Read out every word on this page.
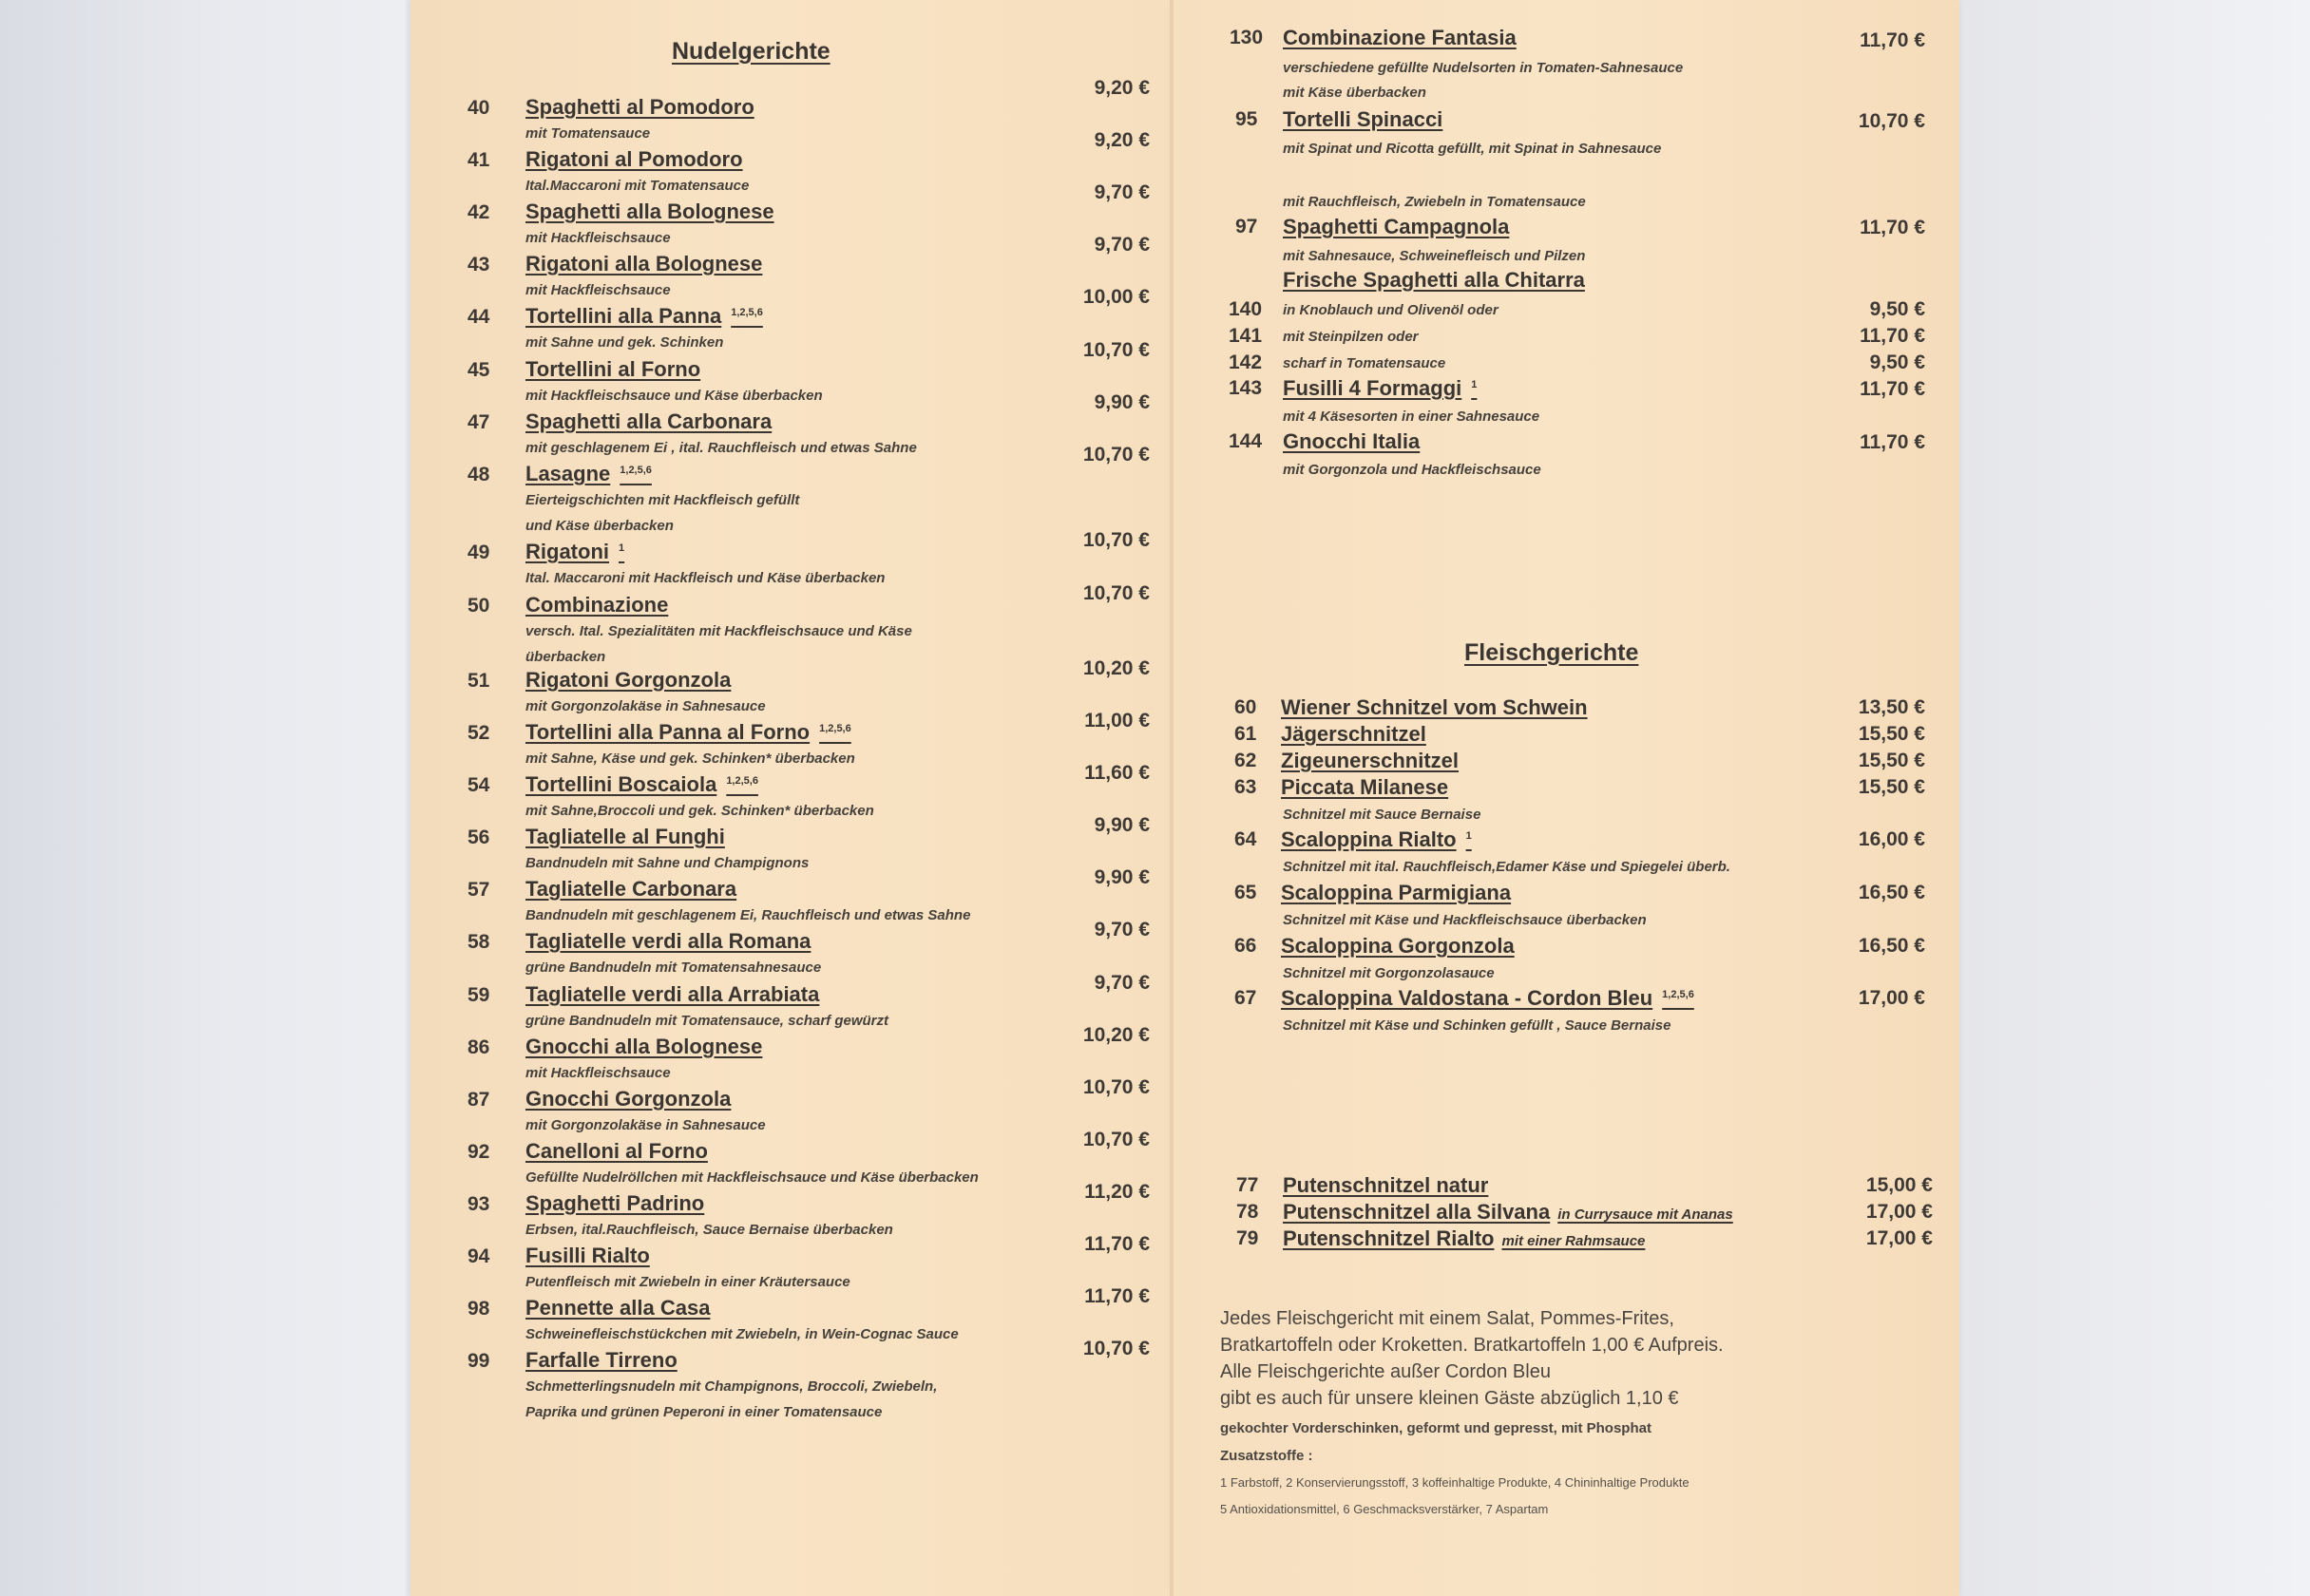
Nudelgerichte
40 Spaghetti al Pomodoro
mit Tomatensauce
9,20 €
41 Rigatoni al Pomodoro
Ital.Maccaroni mit Tomatensauce
9,20 €
42 Spaghetti alla Bolognese
mit Hackfleischsauce
9,70 €
43 Rigatoni alla Bolognese
mit Hackfleischsauce
9,70 €
44 Tortellini alla Panna $^{1,2,5,6}$
mit Sahne und gek. Schinken
10,00 €
45 Tortellini al Forno
mit Hackfleischsauce und Käse überbacken
10,70 €
47 Spaghetti alla Carbonara
mit geschlagenem Ei , ital. Rauchfleisch und etwas Sahne
9,90 €
48 Lasagne $^{1,2,5,6}$
Eierteigschichten mit Hackfleisch gefüllt
und Käse überbacken
10,70 €
49 Rigatoni $^1$
Ital. Maccaroni mit Hackfleisch und Käse überbacken
10,70 €
50 Combinazione
versch. Ital. Spezialitäten mit Hackfleischsauce und Käse
überbacken
10,70 €
51 Rigatoni Gorgonzola
mit Gorgonzolakäse in Sahnesauce
10,20 €
52 Tortellini alla Panna al Forno $^{1,2,5,6}$
mit Sahne, Käse und gek. Schinken* überbacken
11,00 €
54 Tortellini Boscaiola $^{1,2,5,6}$
mit Sahne,Broccoli und gek. Schinken* überbacken
11,60 €
56 Tagliatelle al Funghi
Bandnudeln mit Sahne und Champignons
9,90 €
57 Tagliatelle Carbonara
Bandnudeln mit geschlagenem Ei, Rauchfleisch und etwas Sahne
9,90 €
58 Tagliatelle verdi alla Romana
grüne Bandnudeln mit Tomatensahnesauce
9,70 €
59 Tagliatelle verdi alla Arrabiata
grüne Bandnudeln mit Tomatensauce, scharf gewürzt
9,70 €
86 Gnocchi alla Bolognese
mit Hackfleischsauce
10,20 €
87 Gnocchi Gorgonzola
mit Gorgonzolakäse in Sahnesauce
10,70 €
92 Canelloni al Forno
Gefüllte Nudelröllchen mit Hackfleischsauce und Käse überbacken
10,70 €
93 Spaghetti Padrino
Erbsen, ital.Rauchfleisch, Sauce Bernaise überbacken
11,20 €
94 Fusilli Rialto
Putenfleisch mit Zwiebeln in einer Kräutersauce
11,70 €
98 Pennette alla Casa
Schweinefleischstückchen mit Zwiebeln, in Wein-Cognac Sauce
11,70 €
99 Farfalle Tirreno
Schmetterlingsnudeln mit Champignons, Broccoli, Zwiebeln,
Paprika und grünen Peperoni in einer Tomatensauce
10,70 €
130 Combinazione Fantasia
verschiedene gefüllte Nudelsorten in Tomaten-Sahnesauce
mit Käse überbacken
11,70 €
95 Tortelli Spinacci
mit Spinat und Ricotta gefüllt, mit Spinat in Sahnesauce
mit Rauchfleisch, Zwiebeln in Tomatensauce
10,70 €
97 Spaghetti Campagnola
mit Sahnesauce, Schweinefleisch und Pilzen
11,70 €
Frische Spaghetti alla Chitarra
140 in Knoblauch und Olivenöl oder	9,50 €
141 mit Steinpilzen oder	11,70 €
142 scharf in Tomatensauce	9,50 €
143 Fusilli 4 Formaggi $^1$
mit 4 Käsesorten in einer Sahnesauce
11,70 €
144 Gnocchi Italia
mit Gorgonzola und Hackfleischsauce
11,70 €
Fleischgerichte
60 Wiener Schnitzel vom Schwein	13,50 €
61 Jägerschnitzel	15,50 €
62 Zigeunerschnitzel	15,50 €
63 Piccata Milanese
Schnitzel mit Sauce Bernaise
15,50 €
64 Scaloppina Rialto $^1$
Schnitzel mit ital. Rauchfleisch,Edamer Käse und Spiegelei überb.
16,00 €
65 Scaloppina Parmigiana
Schnitzel mit Käse und Hackfleischsauce überbacken
16,50 €
66 Scaloppina Gorgonzola
Schnitzel mit Gorgonzolasauce
16,50 €
67 Scaloppina Valdostana - Cordon Bleu $^{1,2,5,6}$
Schnitzel mit Käse und Schinken gefüllt , Sauce Bernaise
17,00 €
77 Putenschnitzel natur	15,00 €
78 Putenschnitzel alla Silvana in Currysauce mit Ananas	17,00 €
79 Putenschnitzel Rialto mit einer Rahmsauce	17,00 €
Jedes Fleischgericht mit einem Salat, Pommes-Frites,
Bratkartoffeln oder Kroketten. Bratkartoffeln 1,00 € Aufpreis.
Alle Fleischgerichte außer Cordon Bleu
gibt es auch für unsere kleinen Gäste abzüglich 1,10 €
gekochter Vorderschinken, geformt und gepresst, mit Phosphat
Zusatzstoffe :
1 Farbstoff, 2 Konservierungsstoff, 3 koffeinhaltige Produkte, 4 Chininhaltige Produkte
5 Antioxidationsmittel, 6 Geschmacksverstärker, 7 Aspartam
